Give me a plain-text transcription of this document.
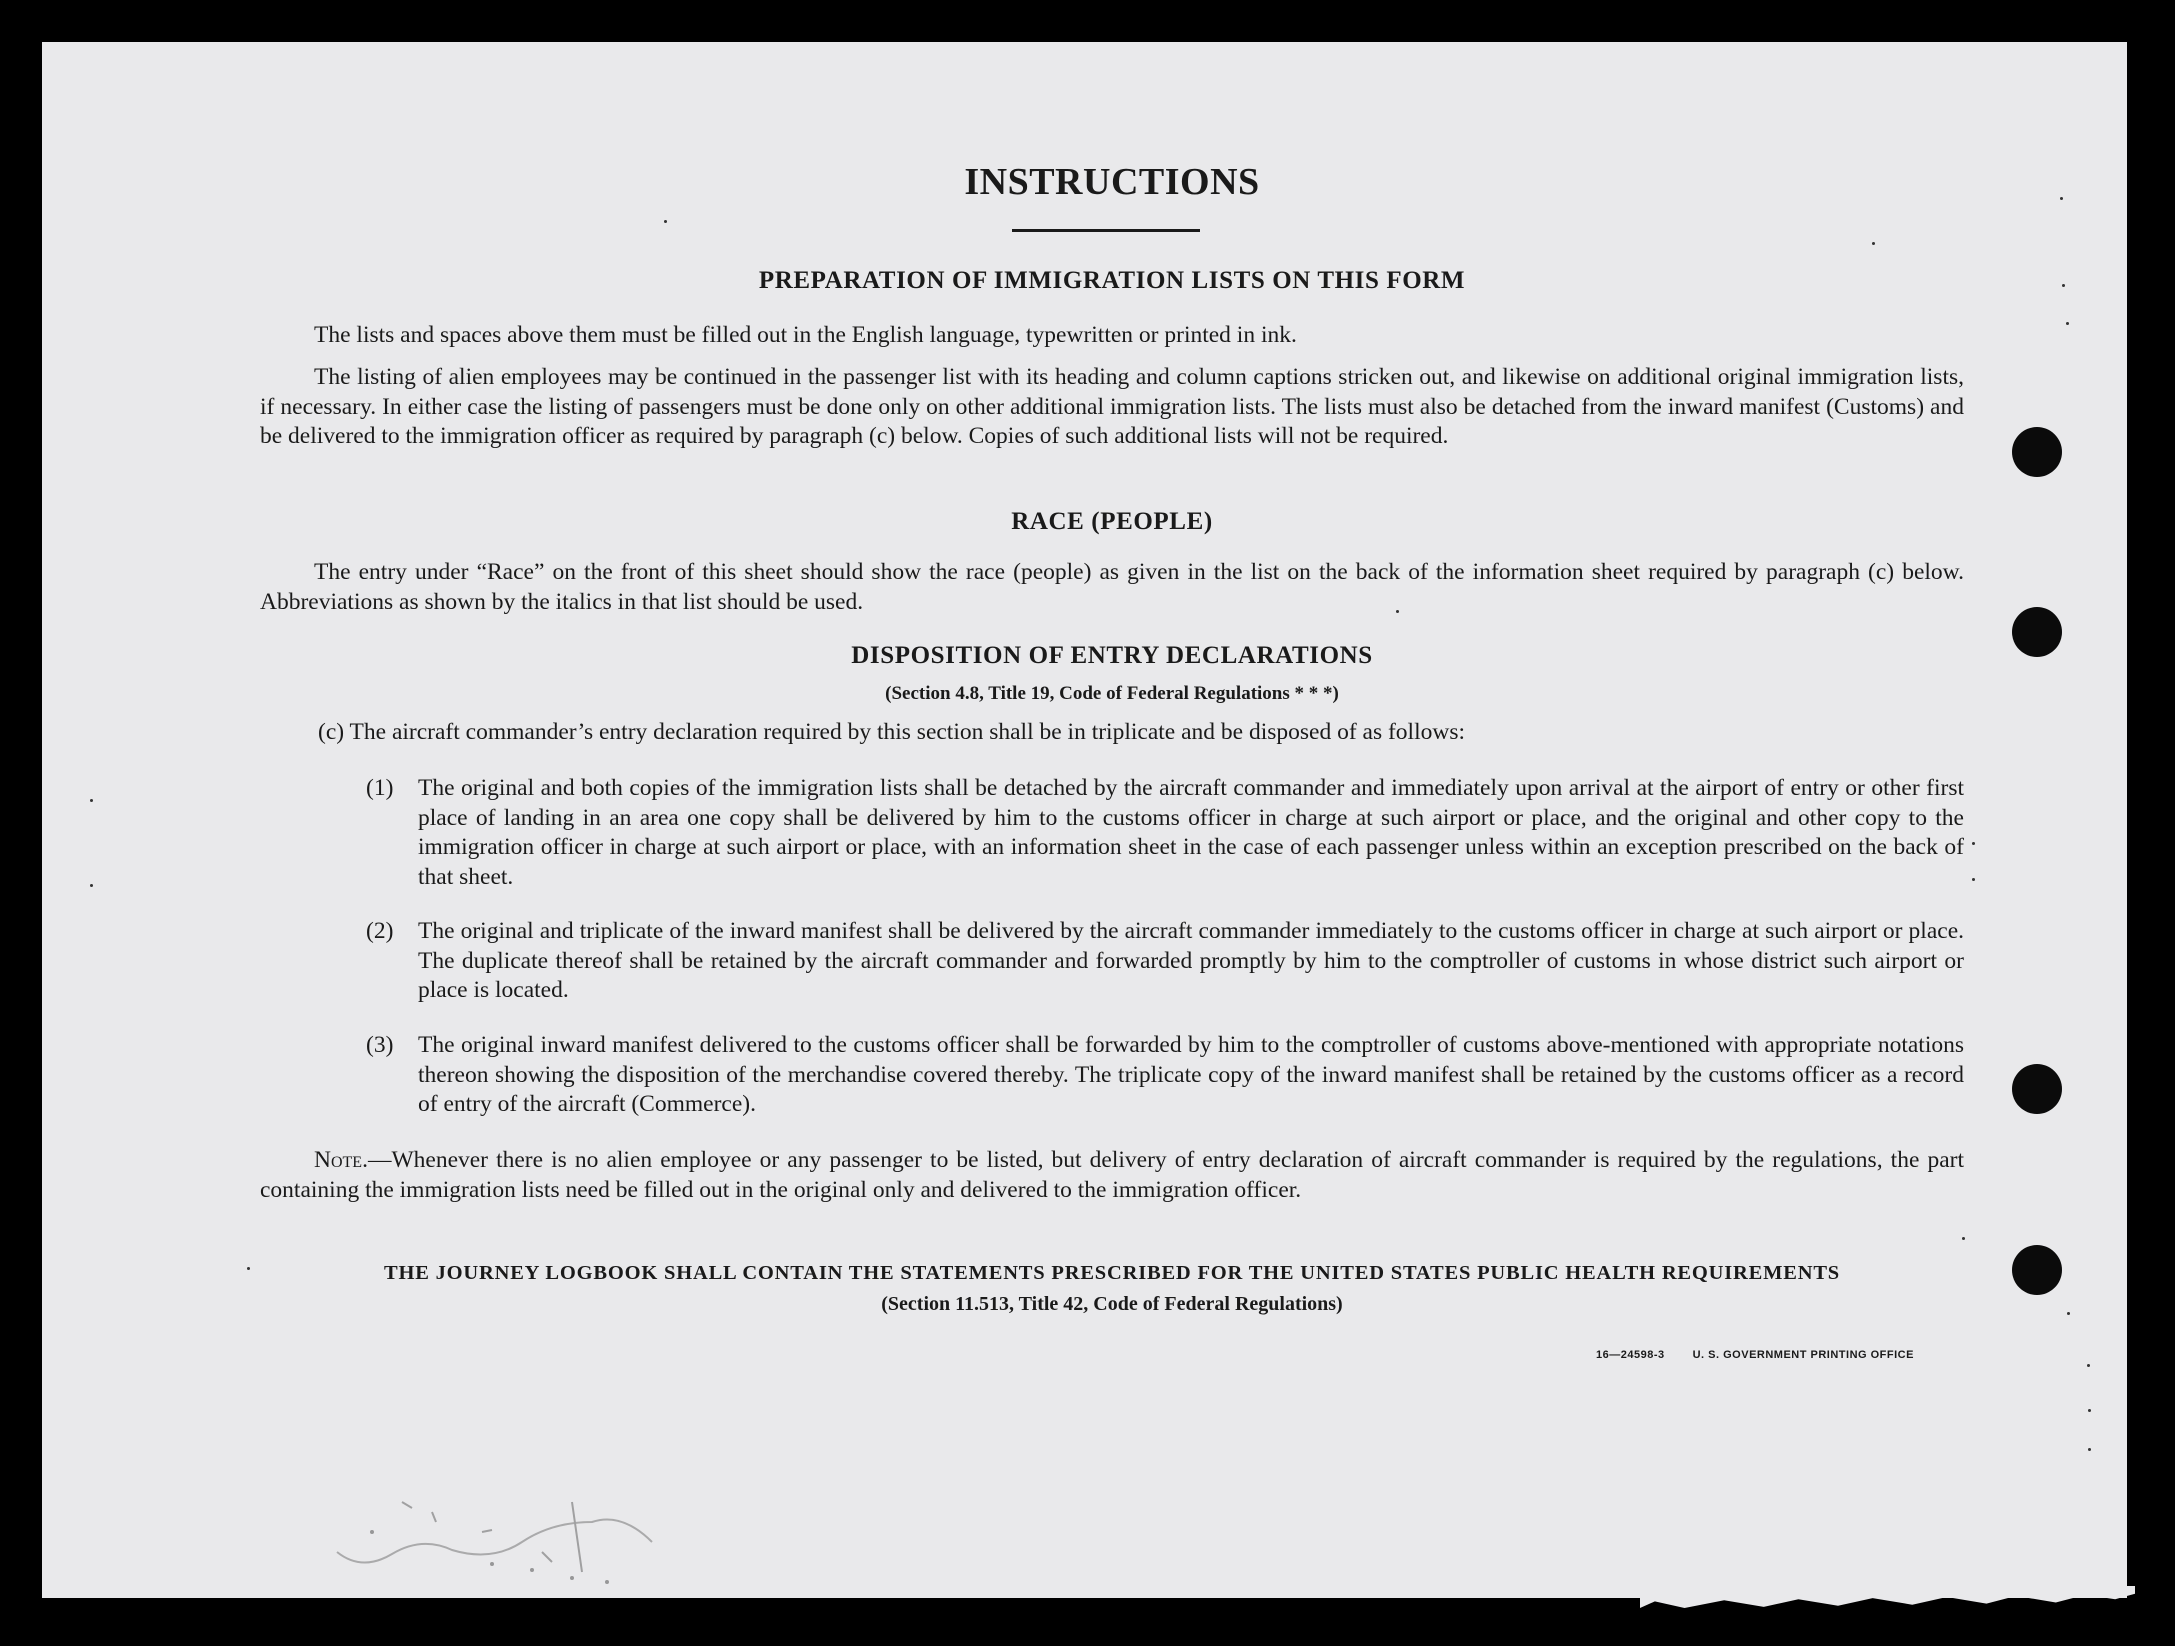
INSTRUCTIONS
PREPARATION OF IMMIGRATION LISTS ON THIS FORM

The lists and spaces above them must be filled out in the English language, typewritten or printed in ink.

The listing of alien employees may be continued in the passenger list with its heading and column captions stricken out, and likewise on additional original immigration lists, if necessary. In either case the listing of passengers must be done only on other additional immigration lists. The lists must also be detached from the inward manifest (Customs) and be delivered to the immigration officer as required by paragraph (c) below. Copies of such additional lists will not be required.

RACE (PEOPLE)

The entry under “Race” on the front of this sheet should show the race (people) as given in the list on the back of the information sheet required by paragraph (c) below. Abbreviations as shown by the italics in that list should be used.

DISPOSITION OF ENTRY DECLARATIONS
(Section 4.8, Title 19, Code of Federal Regulations * * *)

(c) The aircraft commander’s entry declaration required by this section shall be in triplicate and be disposed of as follows:

(1) The original and both copies of the immigration lists shall be detached by the aircraft commander and immediately upon arrival at the airport of entry or other first place of landing in an area one copy shall be delivered by him to the customs officer in charge at such airport or place, and the original and other copy to the immigration officer in charge at such airport or place, with an information sheet in the case of each passenger unless within an exception prescribed on the back of that sheet.

(2) The original and triplicate of the inward manifest shall be delivered by the aircraft commander immediately to the customs officer in charge at such airport or place. The duplicate thereof shall be retained by the aircraft commander and forwarded promptly by him to the comptroller of customs in whose district such airport or place is located.

(3) The original inward manifest delivered to the customs officer shall be forwarded by him to the comptroller of customs above-mentioned with appropriate notations thereon showing the disposition of the merchandise covered thereby. The triplicate copy of the inward manifest shall be retained by the customs officer as a record of entry of the aircraft (Commerce).

Note.—Whenever there is no alien employee or any passenger to be listed, but delivery of entry declaration of aircraft commander is required by the regulations, the part containing the immigration lists need be filled out in the original only and delivered to the immigration officer.

THE JOURNEY LOGBOOK SHALL CONTAIN THE STATEMENTS PRESCRIBED FOR THE UNITED STATES PUBLIC HEALTH REQUIREMENTS
(Section 11.513, Title 42, Code of Federal Regulations)
16—24598-3	U. S. GOVERNMENT PRINTING OFFICE
